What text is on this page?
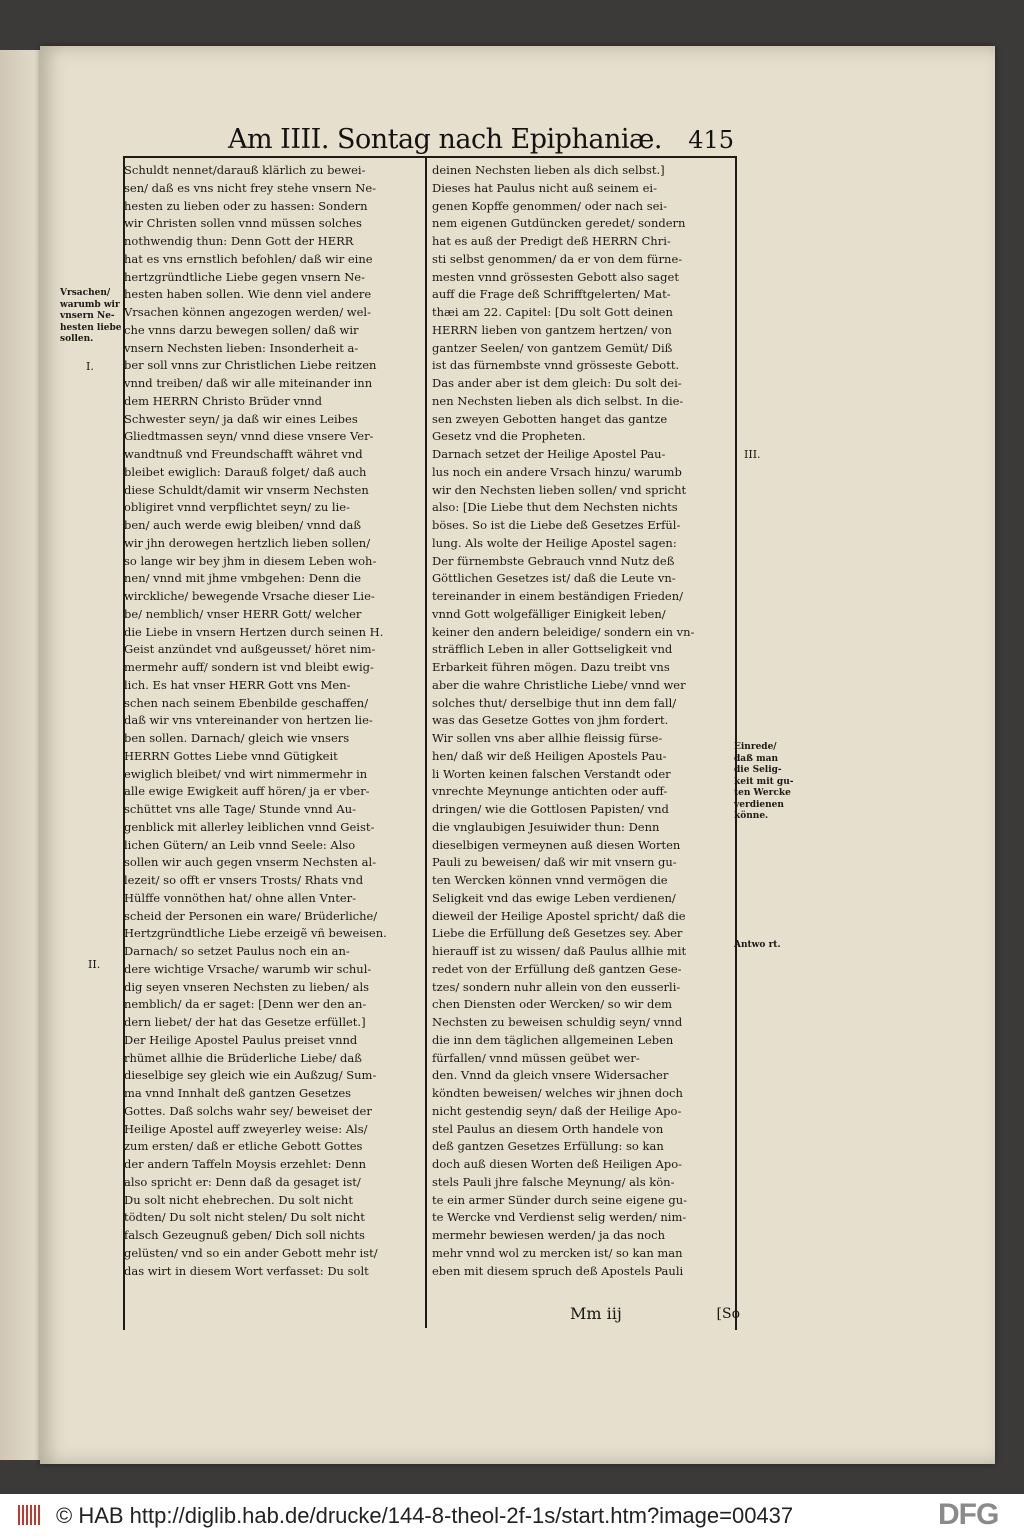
Am IIII. Sontag nach Epiphaniæ. 415
Schuldt nennet/darauß klärlich zu bewei-
sen/ daß es vns nicht frey stehe vnsern Ne-
hesten zu lieben oder zu hassen: Sondern
wir Christen sollen vnnd müssen solches
nothwendig thun: Denn Gott der HERR
hat es vns ernstlich befohlen/ daß wir eine
hertzgründtliche Liebe gegen vnsern Ne-
hesten haben sollen. Wie denn viel andere
Vrsachen können angezogen werden/ wel-
che vnns darzu bewegen sollen/ daß wir
vnsern Nechsten lieben: Insonderheit a-
ber soll vnns zur Christlichen Liebe reitzen
vnnd treiben/ daß wir alle miteinander inn
dem HERRN Christo Brüder vnnd
Schwester seyn/ ja daß wir eines Leibes
Gliedtmassen seyn/ vnnd diese vnsere Ver-
wandtnuß vnd Freundschafft währet vnd
bleibet ewiglich: Darauß folget/ daß auch
diese Schuldt/damit wir vnserm Nechsten
obligiret vnnd verpflichtet seyn/ zu lie-
ben/ auch werde ewig bleiben/ vnnd daß
wir jhn derowegen hertzlich lieben sollen/
so lange wir bey jhm in diesem Leben woh-
nen/ vnnd mit jhme vmbgehen: Denn die
wirckliche/ bewegende Vrsache dieser Lie-
be/ nemblich/ vnser HERR Gott/ welcher
die Liebe in vnsern Hertzen durch seinen H.
Geist anzündet vnd außgeusset/ höret nim-
mermehr auff/ sondern ist vnd bleibt ewig-
lich. Es hat vnser HERR Gott vns Men-
schen nach seinem Ebenbilde geschaffen/
daß wir vns vntereinander von hertzen lie-
ben sollen. Darnach/ gleich wie vnsers
HERRN Gottes Liebe vnnd Gütigkeit
ewiglich bleibet/ vnd wirt nimmermehr in
alle ewige Ewigkeit auff hören/ ja er vber-
schüttet vns alle Tage/ Stunde vnnd Au-
genblick mit allerley leiblichen vnnd Geist-
lichen Gütern/ an Leib vnnd Seele: Also
sollen wir auch gegen vnserm Nechsten al-
lezeit/ so offt er vnsers Trosts/ Rhats vnd
Hülffe vonnöthen hat/ ohne allen Vnter-
scheid der Personen ein ware/ Brüderliche/
Hertzgründtliche Liebe erzeigẽ vñ beweisen.
Darnach/ so setzet Paulus noch ein an-
dere wichtige Vrsache/ warumb wir schul-
dig seyen vnseren Nechsten zu lieben/ als
nemblich/ da er saget: [Denn wer den an-
dern liebet/ der hat das Gesetze erfüllet.]
Der Heilige Apostel Paulus preiset vnnd
rhümet allhie die Brüderliche Liebe/ daß
dieselbige sey gleich wie ein Außzug/ Sum-
ma vnnd Innhalt deß gantzen Gesetzes
Gottes. Daß solchs wahr sey/ beweiset der
Heilige Apostel auff zweyerley weise: Als/
zum ersten/ daß er etliche Gebott Gottes
der andern Taffeln Moysis erzehlet: Denn
also spricht er: Denn daß da gesaget ist/
Du solt nicht ehebrechen. Du solt nicht
tödten/ Du solt nicht stelen/ Du solt nicht
falsch Gezeugnuß geben/ Dich soll nichts
gelüsten/ vnd so ein ander Gebott mehr ist/
das wirt in diesem Wort verfasset: Du solt
deinen Nechsten lieben als dich selbst.]
Dieses hat Paulus nicht auß seinem ei-
genen Kopffe genommen/ oder nach sei-
nem eigenen Gutdüncken geredet/ sondern
hat es auß der Predigt deß HERRN Chri-
sti selbst genommen/ da er von dem fürne-
mesten vnnd grössesten Gebott also saget
auff die Frage deß Schrifftgelerten/ Mat-
thæi am 22. Capitel: [Du solt Gott deinen
HERRN lieben von gantzem hertzen/ von
gantzer Seelen/ von gantzem Gemüt/ Diß
ist das fürnembste vnnd grösseste Gebott.
Das ander aber ist dem gleich: Du solt dei-
nen Nechsten lieben als dich selbst. In die-
sen zweyen Gebotten hanget das gantze
Gesetz vnd die Propheten.
Darnach setzet der Heilige Apostel Pau-
lus noch ein andere Vrsach hinzu/ warumb
wir den Nechsten lieben sollen/ vnd spricht
also: [Die Liebe thut dem Nechsten nichts
böses. So ist die Liebe deß Gesetzes Erfül-
lung. Als wolte der Heilige Apostel sagen:
Der fürnembste Gebrauch vnnd Nutz deß
Göttlichen Gesetzes ist/ daß die Leute vn-
tereinander in einem beständigen Frieden/
vnnd Gott wolgefälliger Einigkeit leben/
keiner den andern beleidige/ sondern ein vn-
sträfflich Leben in aller Gottseligkeit vnd
Erbarkeit führen mögen. Dazu treibt vns
aber die wahre Christliche Liebe/ vnnd wer
solches thut/ derselbige thut inn dem fall/
was das Gesetze Gottes von jhm fordert.
Wir sollen vns aber allhie fleissig fürse-
hen/ daß wir deß Heiligen Apostels Pau-
li Worten keinen falschen Verstandt oder
vnrechte Meynunge antichten oder auff-
dringen/ wie die Gottlosen Papisten/ vnd
die vnglaubigen Jesuiwider thun: Denn
dieselbigen vermeynen auß diesen Worten
Pauli zu beweisen/ daß wir mit vnsern gu-
ten Wercken können vnnd vermögen die
Seligkeit vnd das ewige Leben verdienen/
dieweil der Heilige Apostel spricht/ daß die
Liebe die Erfüllung deß Gesetzes sey. Aber
hierauff ist zu wissen/ daß Paulus allhie mit
redet von der Erfüllung deß gantzen Gese-
tzes/ sondern nuhr allein von den eusserli-
chen Diensten oder Wercken/ so wir dem
Nechsten zu beweisen schuldig seyn/ vnnd
die inn dem täglichen allgemeinen Leben
fürfallen/ vnnd müssen geübet wer-
den. Vnnd da gleich vnsere Widersacher
köndten beweisen/ welches wir jhnen doch
nicht gestendig seyn/ daß der Heilige Apo-
stel Paulus an diesem Orth handele von
deß gantzen Gesetzes Erfüllung: so kan
doch auß diesen Worten deß Heiligen Apo-
stels Pauli jhre falsche Meynung/ als kön-
te ein armer Sünder durch seine eigene gu-
te Wercke vnd Verdienst selig werden/ nim-
mermehr bewiesen werden/ ja das noch
mehr vnnd wol zu mercken ist/ so kan man
eben mit diesem spruch deß Apostels Pauli
Vrsachen/
warumb wir
vnsern Ne-
hesten liebe
sollen.
I.
II.
III.
Einrede/
daß man
die Selig-
keit mit gu-
ten Wercke
verdienen
könne.
Antwo rt.
Mm iij	[So
© HAB http://diglib.hab.de/drucke/144-8-theol-2f-1s/start.htm?image=00437	DFG
